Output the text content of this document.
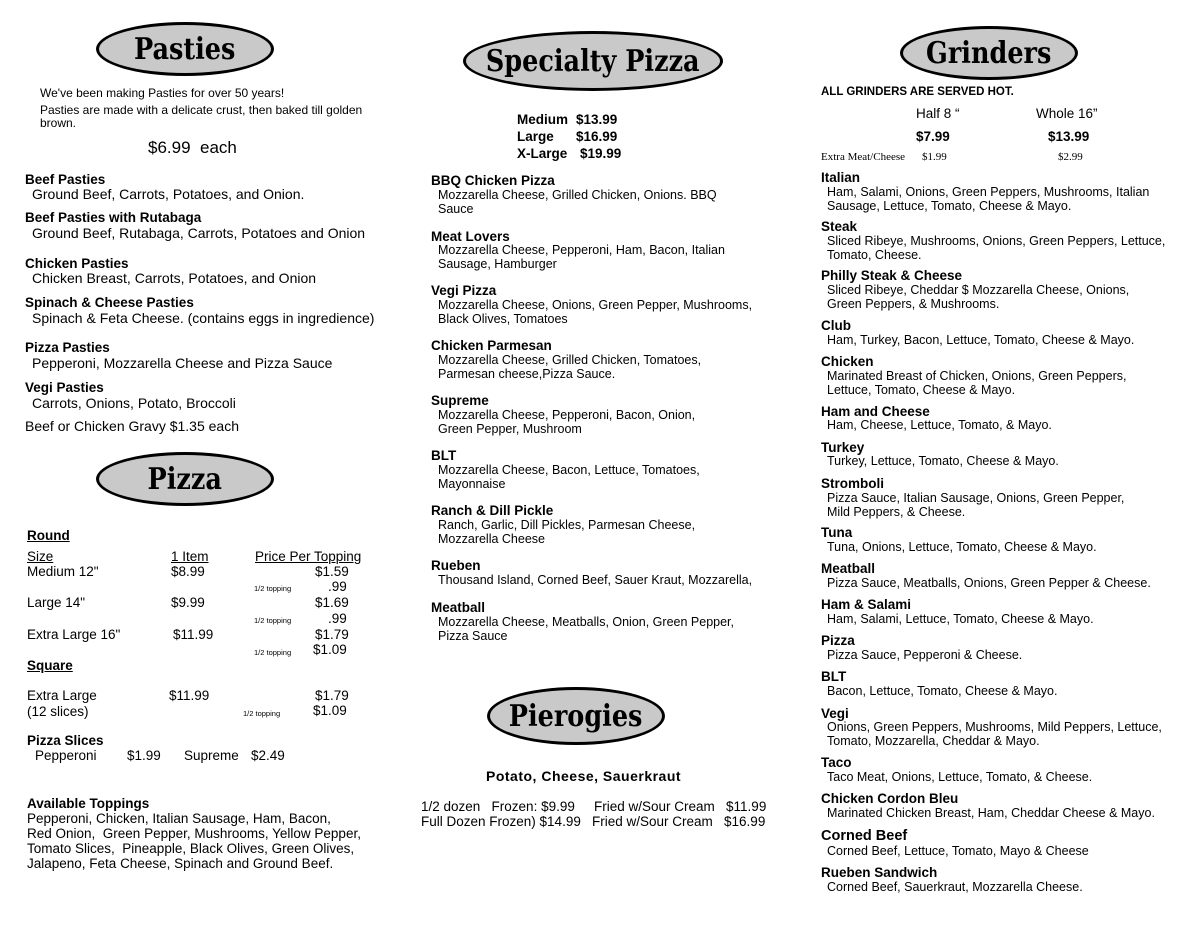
Pasties
We've been making Pasties for over 50 years!
Pasties are made with a delicate crust, then baked till golden brown.
$6.99  each
Beef Pasties
Ground Beef, Carrots, Potatoes, and Onion.
Beef Pasties with Rutabaga
Ground Beef, Rutabaga, Carrots, Potatoes and Onion
Chicken Pasties
Chicken Breast, Carrots, Potatoes, and Onion
Spinach & Cheese Pasties
Spinach & Feta Cheese. (contains eggs in ingredience)
Pizza Pasties
Pepperoni, Mozzarella Cheese and Pizza Sauce
Vegi Pasties
Carrots, Onions, Potato, Broccoli
Beef or Chicken Gravy $1.35 each
Pizza
Round
Size	1 Item	Price Per Topping
Medium 12"	$8.99	$1.59
1/2 topping	.99
Large 14"	$9.99	$1.69
1/2 topping	.99
Extra Large 16"	$11.99	$1.79
1/2 topping $1.09
Square
Extra Large	$11.99	$1.79
(12 slices)	1/2 topping $1.09
Pizza Slices
Pepperoni $1.99 Supreme $2.49
Available Toppings
Pepperoni, Chicken, Italian Sausage, Ham, Bacon,
Red Onion,  Green Pepper, Mushrooms, Yellow Pepper,
Tomato Slices,  Pineapple, Black Olives, Green Olives,
Jalapeno, Feta Cheese, Spinach and Ground Beef.
Specialty Pizza
Medium $13.99
Large $16.99
X-Large $19.99
BBQ Chicken Pizza
Mozzarella Cheese, Grilled Chicken, Onions. BBQ Sauce
Meat Lovers
Mozzarella Cheese, Pepperoni, Ham, Bacon, Italian Sausage, Hamburger
Vegi Pizza
Mozzarella Cheese, Onions, Green Pepper, Mushrooms, Black Olives, Tomatoes
Chicken Parmesan
Mozzarella Cheese, Grilled Chicken, Tomatoes, Parmesan cheese,Pizza Sauce.
Supreme
Mozzarella Cheese, Pepperoni, Bacon, Onion, Green Pepper, Mushroom
BLT
Mozzarella Cheese, Bacon, Lettuce, Tomatoes, Mayonnaise
Ranch & Dill Pickle
Ranch, Garlic, Dill Pickles, Parmesan Cheese, Mozzarella Cheese
Rueben
Thousand Island, Corned Beef, Sauer Kraut, Mozzarella,
Meatball
Mozzarella Cheese, Meatballs, Onion, Green Pepper, Pizza Sauce
Pierogies
Potato, Cheese, Sauerkraut
1/2 dozen   Frozen: $9.99 Fried w/Sour Cream   $11.99
Full Dozen Frozen) $14.99 Fried w/Sour Cream   $16.99
Grinders
ALL GRINDERS ARE SERVED HOT.
Half 8 “	Whole 16”
$7.99	$13.99
Extra Meat/Cheese $1.99	$2.99
Italian
Ham, Salami, Onions, Green Peppers, Mushrooms, Italian Sausage, Lettuce, Tomato, Cheese & Mayo.
Steak
Sliced Ribeye, Mushrooms, Onions, Green Peppers, Lettuce, Tomato, Cheese.
Philly Steak & Cheese
Sliced Ribeye, Cheddar $ Mozzarella Cheese, Onions, Green Peppers, & Mushrooms.
Club
Ham, Turkey, Bacon, Lettuce, Tomato, Cheese & Mayo.
Chicken
Marinated Breast of Chicken, Onions, Green Peppers, Lettuce, Tomato, Cheese & Mayo.
Ham and Cheese
Ham, Cheese, Lettuce, Tomato, & Mayo.
Turkey
Turkey, Lettuce, Tomato, Cheese & Mayo.
Stromboli
Pizza Sauce, Italian Sausage, Onions, Green Pepper, Mild Peppers, & Cheese.
Tuna
Tuna, Onions, Lettuce, Tomato, Cheese & Mayo.
Meatball
Pizza Sauce, Meatballs, Onions, Green Pepper & Cheese.
Ham & Salami
Ham, Salami, Lettuce, Tomato, Cheese & Mayo.
Pizza
Pizza Sauce, Pepperoni & Cheese.
BLT
Bacon, Lettuce, Tomato, Cheese & Mayo.
Vegi
Onions, Green Peppers, Mushrooms, Mild Peppers, Lettuce, Tomato, Mozzarella, Cheddar & Mayo.
Taco
Taco Meat, Onions, Lettuce, Tomato, & Cheese.
Chicken Cordon Bleu
Marinated Chicken Breast, Ham, Cheddar Cheese & Mayo.
Corned Beef
Corned Beef, Lettuce, Tomato, Mayo & Cheese
Rueben Sandwich
Corned Beef, Sauerkraut, Mozzarella Cheese.
